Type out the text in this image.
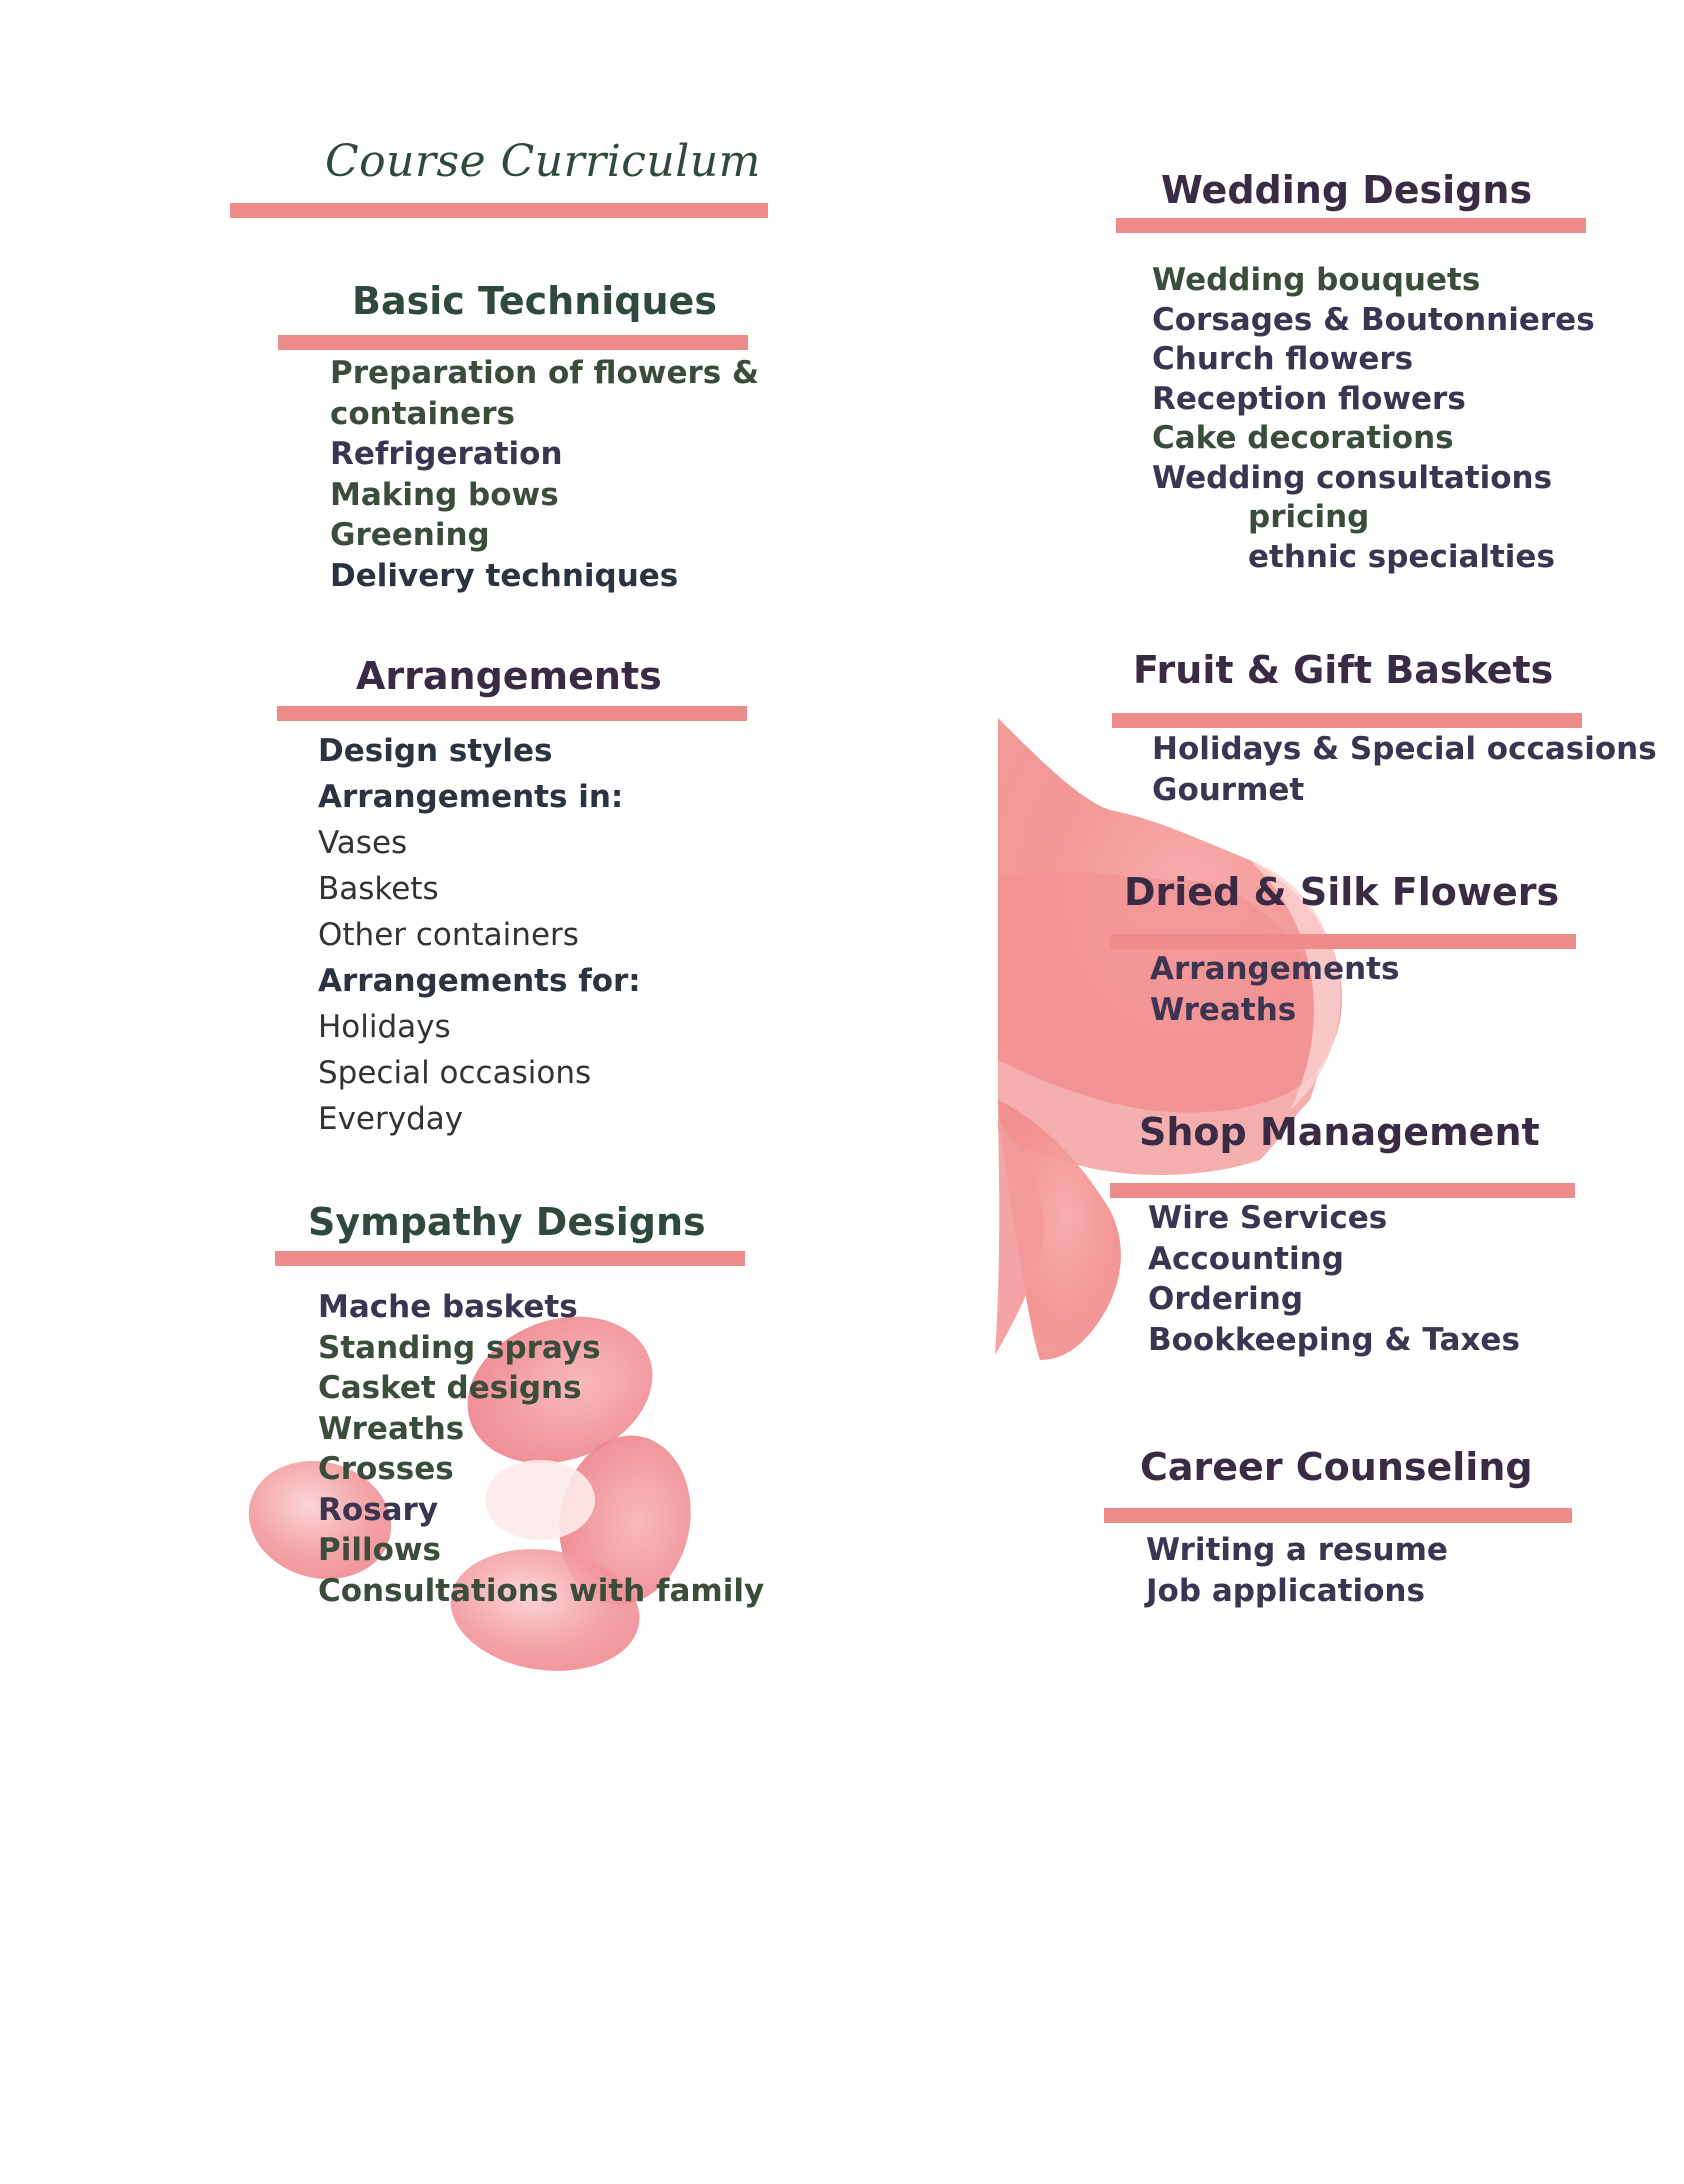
Course Curriculum
Basic Techniques
Preparation of flowers &
containers
Refrigeration
Making bows
Greening
Delivery techniques
Arrangements
Design styles
Arrangements in:
Vases
Baskets
Other containers
Arrangements for:
Holidays
Special occasions
Everyday
Sympathy Designs
Mache baskets
Standing sprays
Casket designs
Wreaths
Crosses
Rosary
Pillows
Consultations with family
Wedding Designs
Wedding bouquets
Corsages & Boutonnieres
Church flowers
Reception flowers
Cake decorations
Wedding consultations
pricing
ethnic specialties
Fruit & Gift Baskets
Holidays & Special occasions
Gourmet
Dried & Silk Flowers
Arrangements
Wreaths
Shop Management
Wire Services
Accounting
Ordering
Bookkeeping & Taxes
Career Counseling
Writing a resume
Job applications
